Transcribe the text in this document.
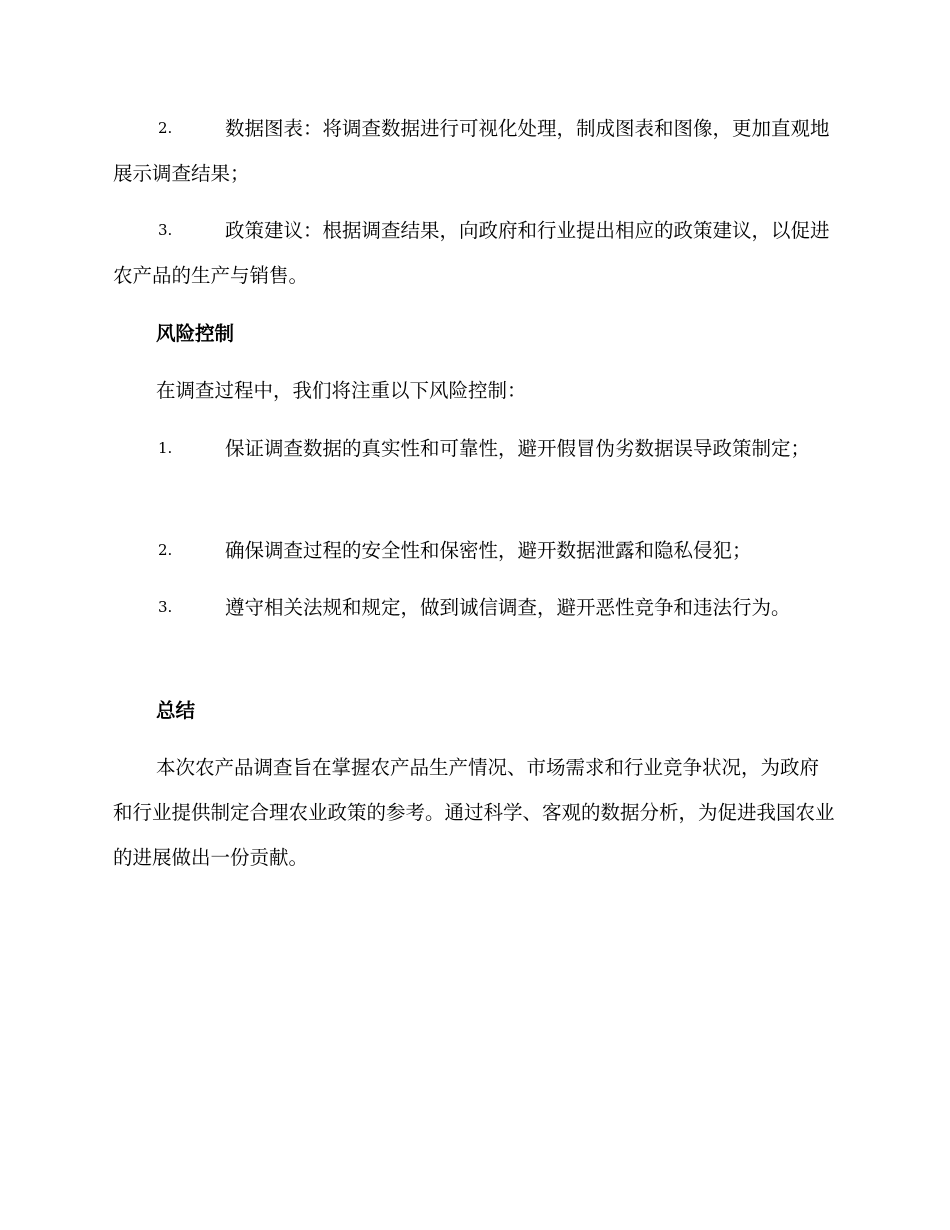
2.	数据图表：将调查数据进行可视化处理，制成图表和图像，更加直观地展示调查结果；

3.	政策建议：根据调查结果，向政府和行业提出相应的政策建议，以促进农产品的生产与销售。

风险控制

在调查过程中，我们将注重以下风险控制：

1.	保证调查数据的真实性和可靠性，避开假冒伪劣数据误导政策制定；

2.	确保调查过程的安全性和保密性，避开数据泄露和隐私侵犯；

3.	遵守相关法规和规定，做到诚信调查，避开恶性竞争和违法行为。

总结

本次农产品调查旨在掌握农产品生产情况、市场需求和行业竞争状况，为政府和行业提供制定合理农业政策的参考。通过科学、客观的数据分析，为促进我国农业的进展做出一份贡献。
